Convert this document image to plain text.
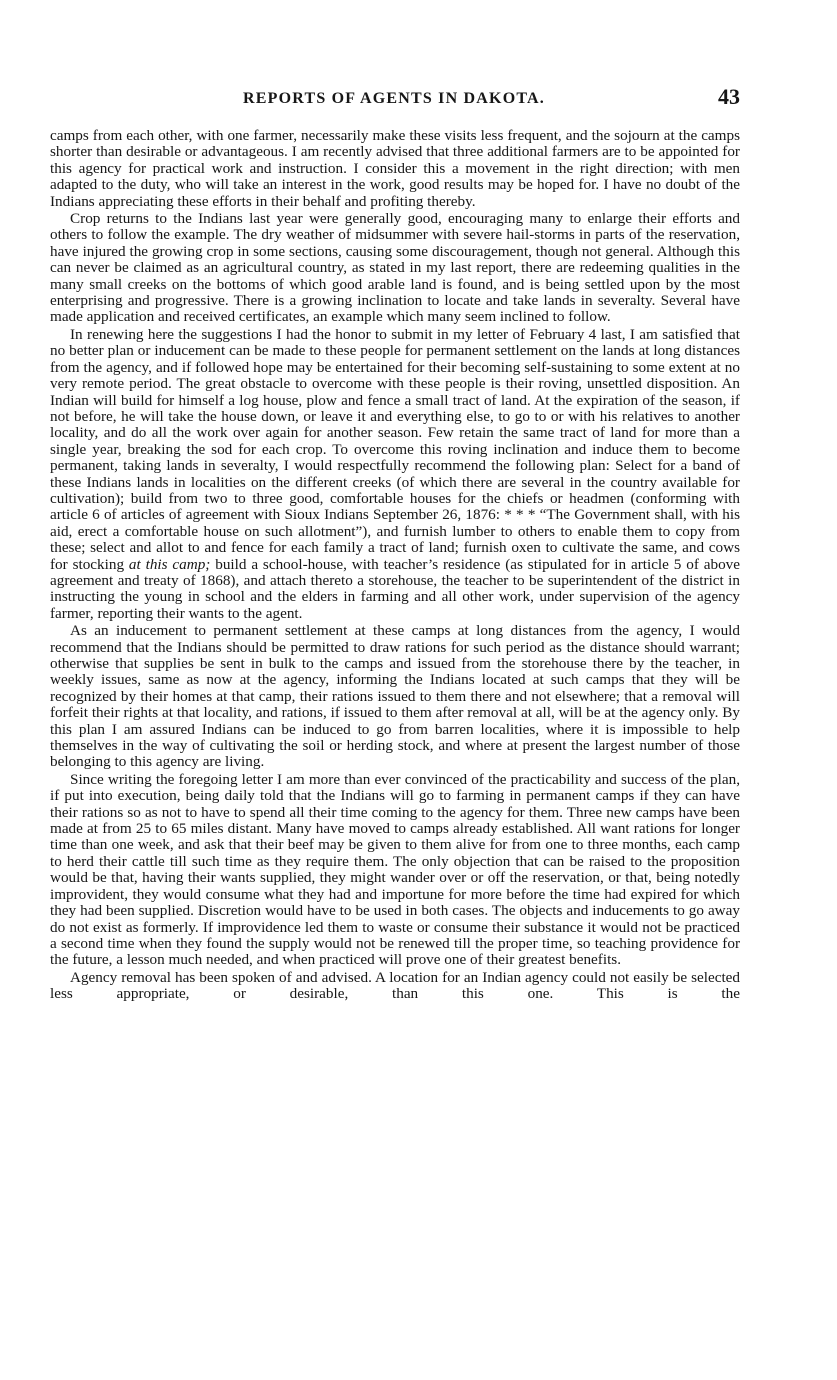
REPORTS OF AGENTS IN DAKOTA.	43

camps from each other, with one farmer, necessarily make these visits less frequent, and the sojourn at the camps shorter than desirable or advantageous. I am recently advised that three additional farmers are to be appointed for this agency for practical work and instruction. I consider this a movement in the right direction; with men adapted to the duty, who will take an interest in the work, good results may be hoped for. I have no doubt of the Indians appreciating these efforts in their behalf and profiting thereby.

Crop returns to the Indians last year were generally good, encouraging many to enlarge their efforts and others to follow the example. The dry weather of midsummer with severe hail-storms in parts of the reservation, have injured the growing crop in some sections, causing some discouragement, though not general. Although this can never be claimed as an agricultural country, as stated in my last report, there are redeeming qualities in the many small creeks on the bottoms of which good arable land is found, and is being settled upon by the most enterprising and progressive. There is a growing inclination to locate and take lands in severalty. Several have made application and received certificates, an example which many seem inclined to follow.

In renewing here the suggestions I had the honor to submit in my letter of February 4 last, I am satisfied that no better plan or inducement can be made to these people for permanent settlement on the lands at long distances from the agency, and if followed hope may be entertained for their becoming self-sustaining to some extent at no very remote period. The great obstacle to overcome with these people is their roving, unsettled disposition. An Indian will build for himself a log house, plow and fence a small tract of land. At the expiration of the season, if not before, he will take the house down, or leave it and everything else, to go to or with his relatives to another locality, and do all the work over again for another season. Few retain the same tract of land for more than a single year, breaking the sod for each crop. To overcome this roving inclination and induce them to become permanent, taking lands in severalty, I would respectfully recommend the following plan: Select for a band of these Indians lands in localities on the different creeks (of which there are several in the country available for cultivation); build from two to three good, comfortable houses for the chiefs or headmen (conforming with article 6 of articles of agreement with Sioux Indians September 26, 1876: * * * “The Government shall, with his aid, erect a comfortable house on such allotment”), and furnish lumber to others to enable them to copy from these; select and allot to and fence for each family a tract of land; furnish oxen to cultivate the same, and cows for stocking at this camp; build a school-house, with teacher’s residence (as stipulated for in article 5 of above agreement and treaty of 1868), and attach thereto a storehouse, the teacher to be superintendent of the district in instructing the young in school and the elders in farming and all other work, under supervision of the agency farmer, reporting their wants to the agent.

As an inducement to permanent settlement at these camps at long distances from the agency, I would recommend that the Indians should be permitted to draw rations for such period as the distance should warrant; otherwise that supplies be sent in bulk to the camps and issued from the storehouse there by the teacher, in weekly issues, same as now at the agency, informing the Indians located at such camps that they will be recognized by their homes at that camp, their rations issued to them there and not elsewhere; that a removal will forfeit their rights at that locality, and rations, if issued to them after removal at all, will be at the agency only. By this plan I am assured Indians can be induced to go from barren localities, where it is impossible to help themselves in the way of cultivating the soil or herding stock, and where at present the largest number of those belonging to this agency are living.

Since writing the foregoing letter I am more than ever convinced of the practicability and success of the plan, if put into execution, being daily told that the Indians will go to farming in permanent camps if they can have their rations so as not to have to spend all their time coming to the agency for them. Three new camps have been made at from 25 to 65 miles distant. Many have moved to camps already established. All want rations for longer time than one week, and ask that their beef may be given to them alive for from one to three months, each camp to herd their cattle till such time as they require them. The only objection that can be raised to the proposition would be that, having their wants supplied, they might wander over or off the reservation, or that, being notedly improvident, they would consume what they had and importune for more before the time had expired for which they had been supplied. Discretion would have to be used in both cases. The objects and inducements to go away do not exist as formerly. If improvidence led them to waste or consume their substance it would not be practiced a second time when they found the supply would not be renewed till the proper time, so teaching providence for the future, a lesson much needed, and when practiced will prove one of their greatest benefits.

Agency removal has been spoken of and advised. A location for an Indian agency could not easily be selected less appropriate, or desirable, than this one. This is the
